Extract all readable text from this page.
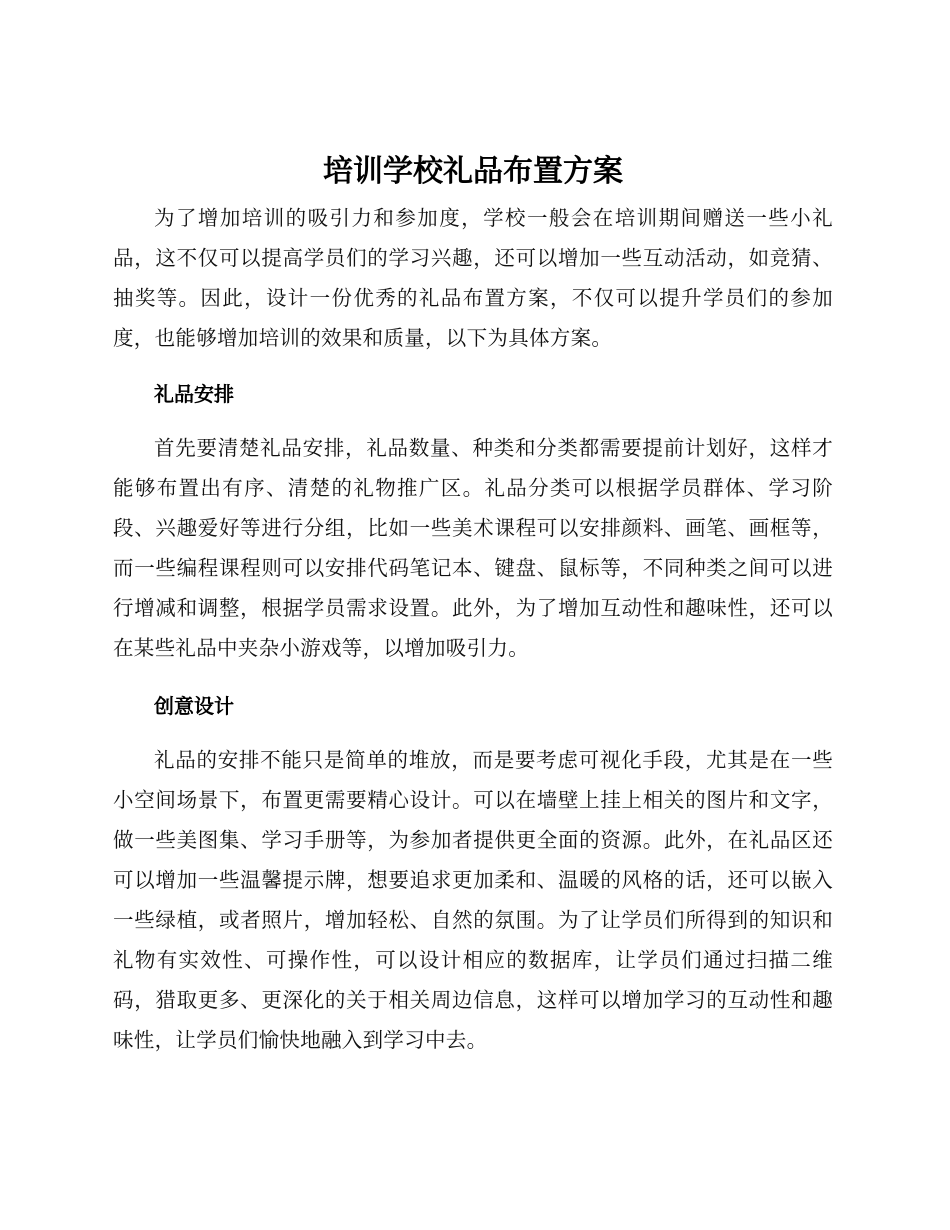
培训学校礼品布置方案

为了增加培训的吸引力和参加度，学校一般会在培训期间赠送一些小礼品，这不仅可以提高学员们的学习兴趣，还可以增加一些互动活动，如竞猜、抽奖等。因此，设计一份优秀的礼品布置方案，不仅可以提升学员们的参加度，也能够增加培训的效果和质量，以下为具体方案。

礼品安排

首先要清楚礼品安排，礼品数量、种类和分类都需要提前计划好，这样才能够布置出有序、清楚的礼物推广区。礼品分类可以根据学员群体、学习阶段、兴趣爱好等进行分组，比如一些美术课程可以安排颜料、画笔、画框等，而一些编程课程则可以安排代码笔记本、键盘、鼠标等，不同种类之间可以进行增减和调整，根据学员需求设置。此外，为了增加互动性和趣味性，还可以在某些礼品中夹杂小游戏等，以增加吸引力。

创意设计

礼品的安排不能只是简单的堆放，而是要考虑可视化手段，尤其是在一些小空间场景下，布置更需要精心设计。可以在墙壁上挂上相关的图片和文字，做一些美图集、学习手册等，为参加者提供更全面的资源。此外，在礼品区还可以增加一些温馨提示牌，想要追求更加柔和、温暖的风格的话，还可以嵌入一些绿植，或者照片，增加轻松、自然的氛围。为了让学员们所得到的知识和礼物有实效性、可操作性，可以设计相应的数据库，让学员们通过扫描二维码，猎取更多、更深化的关于相关周边信息，这样可以增加学习的互动性和趣味性，让学员们愉快地融入到学习中去。
